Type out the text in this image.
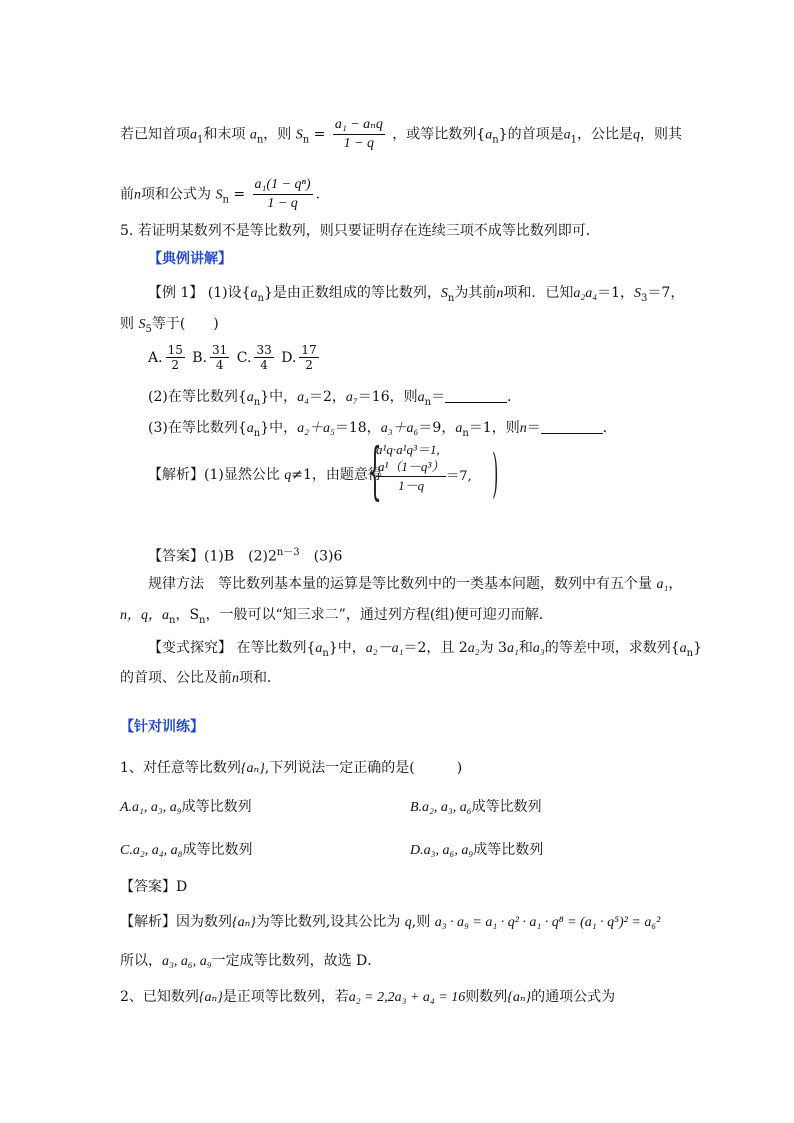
若已知首项$a_1$和末项 $a_n$，则 $S_n = \frac{\text{a₁ − aₙq}}{1 - q}$ ，或等比数列$\{a_n\}$的首项是$a_1$，公比是q，则其
前n项和公式为 $S_n = \frac{\text{a₁(1 − qⁿ)}}{1 - q}$ .
5. 若证明某数列不是等比数列，则只要证明存在连续三项不成等比数列即可．
【典例讲解】
【例 1】 (1)设$\{a_n\}$是由正数组成的等比数列，$S_n$为其前n项和．已知a₂a₄＝1，$S_3=7$，
则 $S_5$等于(　　)
A. $\frac{15}{2} B$. $\frac{31}{4} C$. $\frac{33}{4} D$. $\frac{17}{2}$
(2)在等比数列$\{a_n\}$中，a₄＝2，a₇＝16，则$a_n=$	．
(3)在等比数列$\{a_n\}$中，a₂＋a₅＝18，a₃＋a₆＝9，$a_n=1$，则n＝	．
【解析】(1)显然公比 q≠1，由题意得
{ )
a¹q·a¹q³＝1,
$\frac{\text{a¹（1－q³）}}{1-q} =7$,
【答案】(1)B　$(2)2^{n-3}$　(3)6
规律方法　等比数列基本量的运算是等比数列中的一类基本问题，数列中有五个量 a₁，
n，q，$a_n$，$S_n$，一般可以“知三求二”，通过列方程(组)便可迎刃而解．
【变式探究】 在等比数列$\{a_n\}$中，a₂－a₁＝2，且 2a₂为 3a₁和a₃的等差中项，求数列$\{a_n\}$
的首项、公比及前n项和．
【针对训练】
1、对任意等比数列{aₙ},下列说法一定正确的是(　　　)
A.a₁, a₃, a₉成等比数列	B.a₂, a₃, a₆成等比数列
C.a₂, a₄, a₈成等比数列	D.a₃, a₆, a₉成等比数列
【答案】D
【解析】因为数列{aₙ}为等比数列,设其公比为 q,则 a₃ · a₉ = a₁ · q² · a₁ · q⁸ = (a₁ · q⁵)² = a₆²
所以，a₃, a₆, a₉一定成等比数列，故选 D．
2、已知数列{aₙ}是正项等比数列，若a₂ = 2,2a₃ + a₄ = 16则数列{aₙ}的通项公式为
